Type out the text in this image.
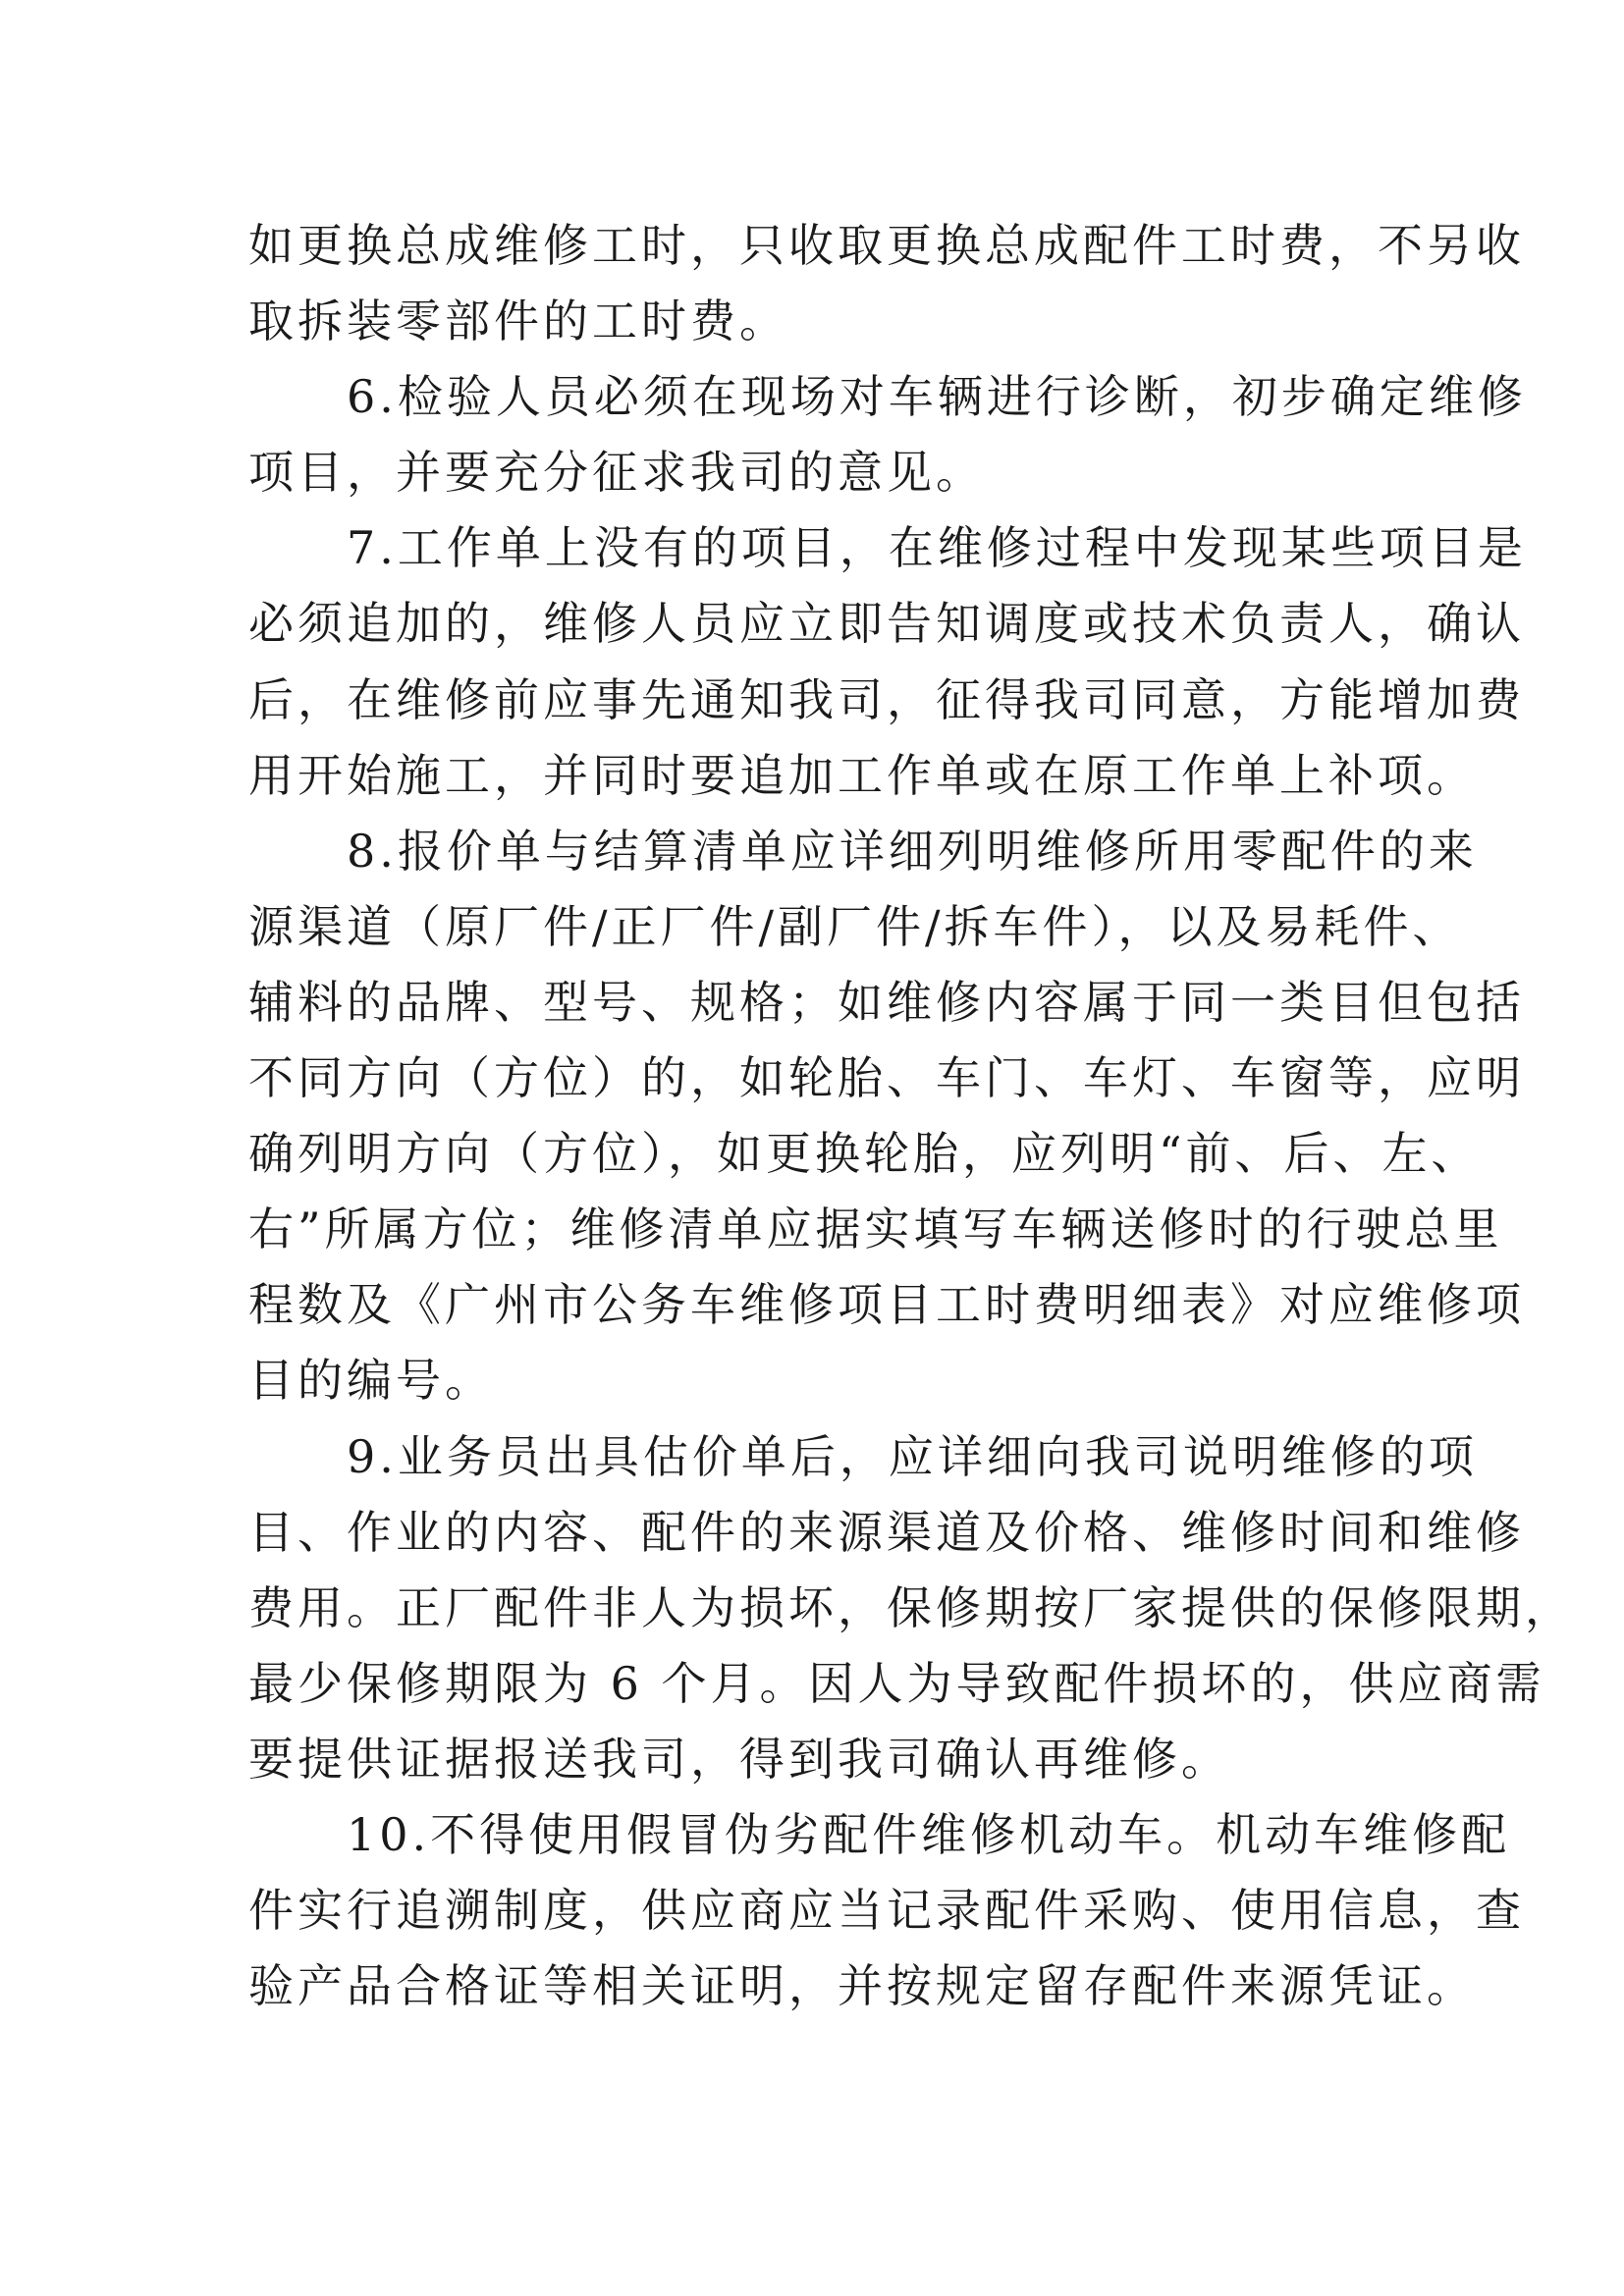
如更换总成维修工时，只收取更换总成配件工时费，不另收
取拆装零部件的工时费。
　　6.检验人员必须在现场对车辆进行诊断，初步确定维修
项目，并要充分征求我司的意见。
　　7.工作单上没有的项目，在维修过程中发现某些项目是
必须追加的，维修人员应立即告知调度或技术负责人，确认
后，在维修前应事先通知我司，征得我司同意，方能增加费
用开始施工，并同时要追加工作单或在原工作单上补项。
　　8.报价单与结算清单应详细列明维修所用零配件的来
源渠道（原厂件/正厂件/副厂件/拆车件），以及易耗件、
辅料的品牌、型号、规格；如维修内容属于同一类目但包括
不同方向（方位）的，如轮胎、车门、车灯、车窗等，应明
确列明方向（方位），如更换轮胎，应列明“前、后、左、
右”所属方位；维修清单应据实填写车辆送修时的行驶总里
程数及《广州市公务车维修项目工时费明细表》对应维修项
目的编号。
　　9.业务员出具估价单后，应详细向我司说明维修的项
目、作业的内容、配件的来源渠道及价格、维修时间和维修
费用。正厂配件非人为损坏，保修期按厂家提供的保修限期，
最少保修期限为 6 个月。因人为导致配件损坏的，供应商需
要提供证据报送我司，得到我司确认再维修。
　　10.不得使用假冒伪劣配件维修机动车。机动车维修配
件实行追溯制度，供应商应当记录配件采购、使用信息，查
验产品合格证等相关证明，并按规定留存配件来源凭证。
